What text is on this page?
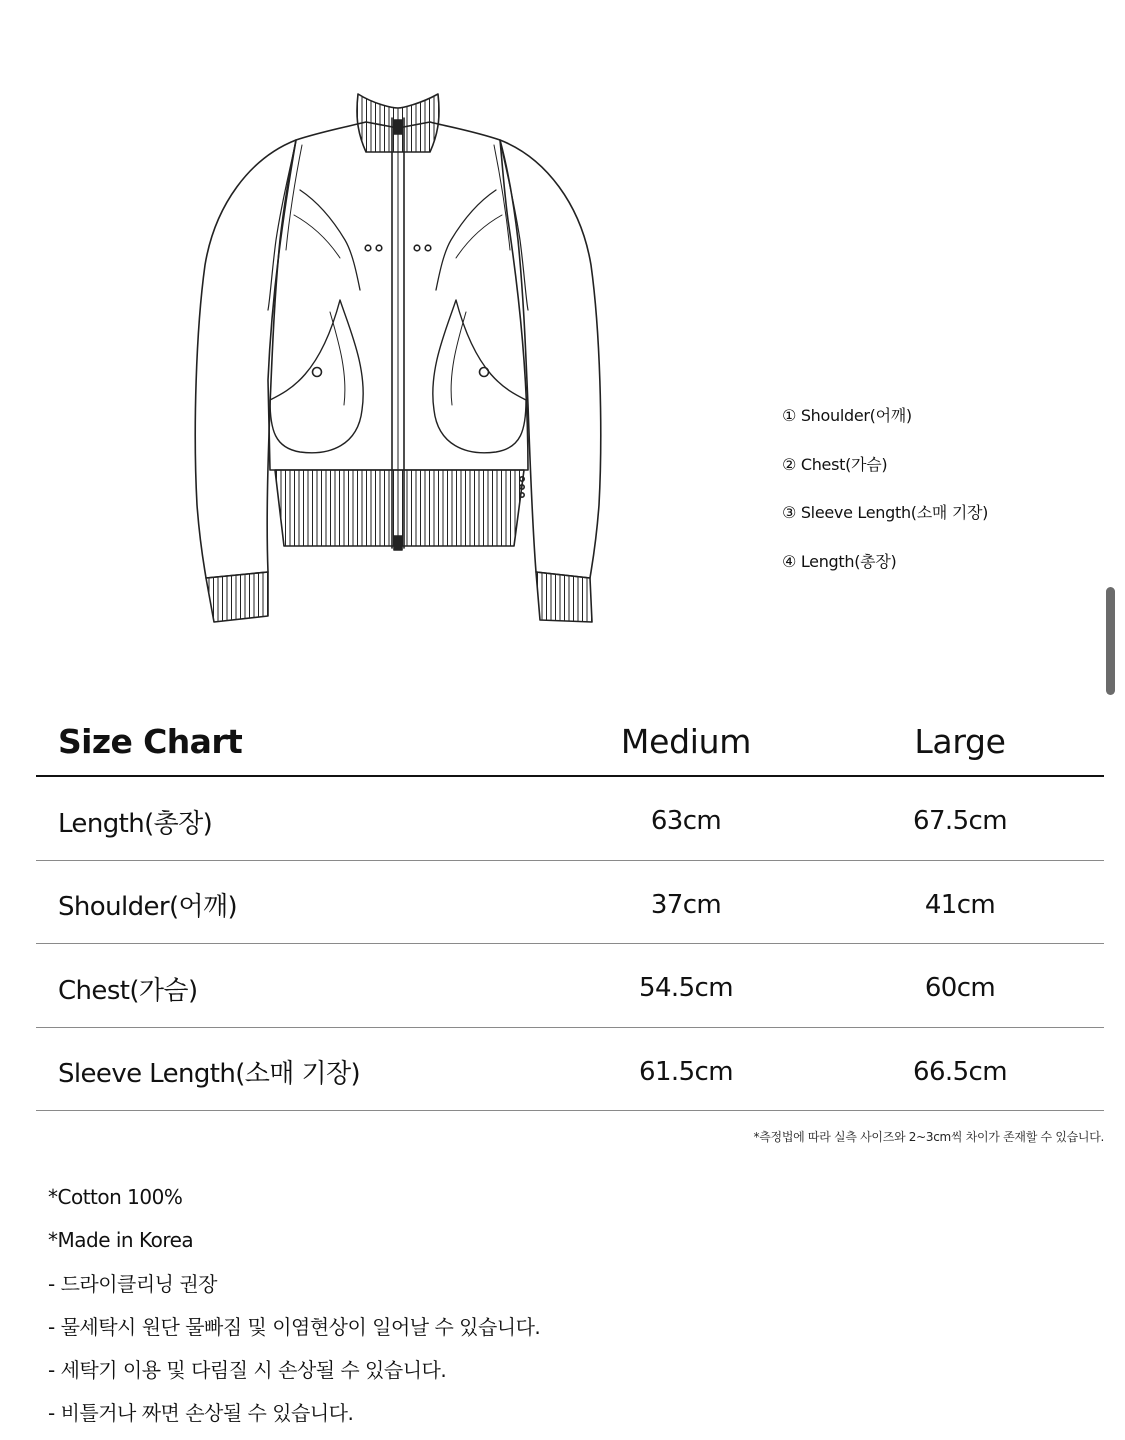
① Shoulder(어깨)
② Chest(가슴)
③ Sleeve Length(소매 기장)
④ Length(총장)
Size Chart	Medium	Large
Length(총장)	63cm	67.5cm
Shoulder(어깨)	37cm	41cm
Chest(가슴)	54.5cm	60cm
Sleeve Length(소매 기장)	61.5cm	66.5cm
*측정법에 따라 실측 사이즈와 2~3cm씩 차이가 존재할 수 있습니다.
*Cotton 100%
*Made in Korea
- 드라이클리닝 권장
- 물세탁시 원단 물빠짐 및 이염현상이 일어날 수 있습니다.
- 세탁기 이용 및 다림질 시 손상될 수 있습니다.
- 비틀거나 짜면 손상될 수 있습니다.
